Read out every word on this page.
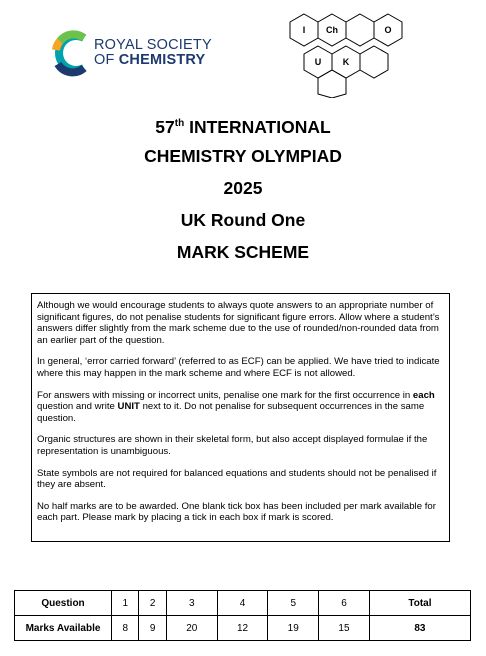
ROYAL SOCIETY
OF CHEMISTRY
I Ch	O
U K
57th INTERNATIONAL
CHEMISTRY OLYMPIAD
2025
UK Round One
MARK SCHEME

Although we would encourage students to always quote answers to an appropriate number of significant figures, do not penalise students for significant figure errors. Allow where a student’s answers differ slightly from the mark scheme due to the use of rounded/non-rounded data from an earlier part of the question.

In general, ‘error carried forward’ (referred to as ECF) can be applied. We have tried to indicate where this may happen in the mark scheme and where ECF is not allowed.

For answers with missing or incorrect units, penalise one mark for the first occurrence in each question and write UNIT next to it. Do not penalise for subsequent occurrences in the same question.

Organic structures are shown in their skeletal form, but also accept displayed formulae if the representation is unambiguous.

State symbols are not required for balanced equations and students should not be penalised if they are absent.

No half marks are to be awarded. One blank tick box has been included per mark available for each part. Please mark by placing a tick in each box if mark is scored.

Question	1	2	3	4	5	6	Total
Marks Available	8	9	20	12	19	15	83
